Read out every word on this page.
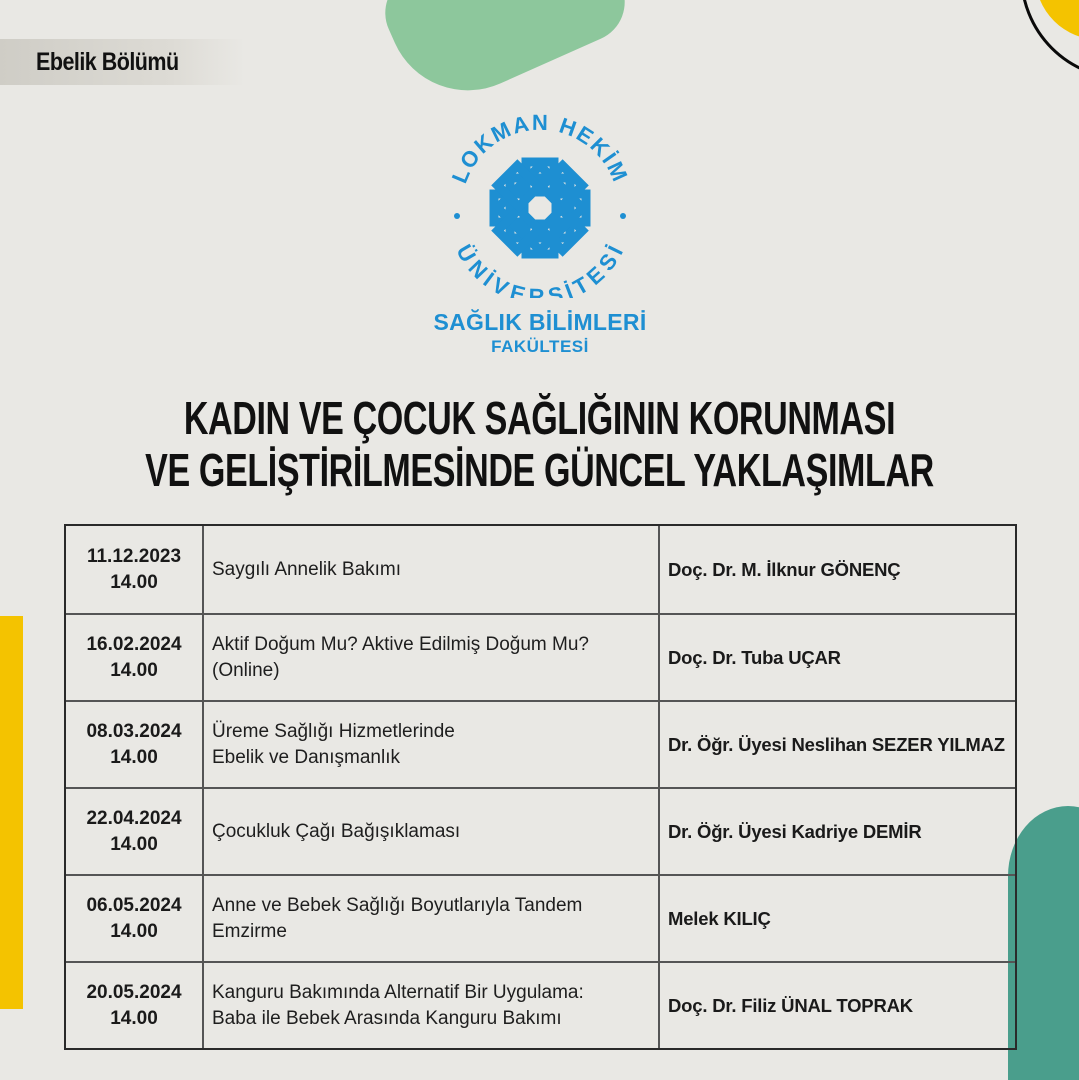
Ebelik Bölümü
LOKMAN HEKİM
ÜNİVERSİTESİ
SAĞLIK BİLİMLERİ
FAKÜLTESİ
KADIN VE ÇOCUK SAĞLIĞININ KORUNMASI
VE GELİŞTİRİLMESİNDE GÜNCEL YAKLAŞIMLAR
11.12.2023
14.00
Saygılı Annelik Bakımı	Doç. Dr. M. İlknur GÖNENÇ
16.02.2024
14.00
Aktif Doğum Mu? Aktive Edilmiş Doğum Mu?
(Online)
Doç. Dr. Tuba UÇAR
08.03.2024
14.00
Üreme Sağlığı Hizmetlerinde
Ebelik ve Danışmanlık
Dr. Öğr. Üyesi Neslihan SEZER YILMAZ
22.04.2024
14.00
Çocukluk Çağı Bağışıklaması	Dr. Öğr. Üyesi Kadriye DEMİR
06.05.2024
14.00
Anne ve Bebek Sağlığı Boyutlarıyla Tandem
Emzirme
Melek KILIÇ
20.05.2024
14.00
Kanguru Bakımında Alternatif Bir Uygulama:
Baba ile Bebek Arasında Kanguru Bakımı
Doç. Dr. Filiz ÜNAL TOPRAK
